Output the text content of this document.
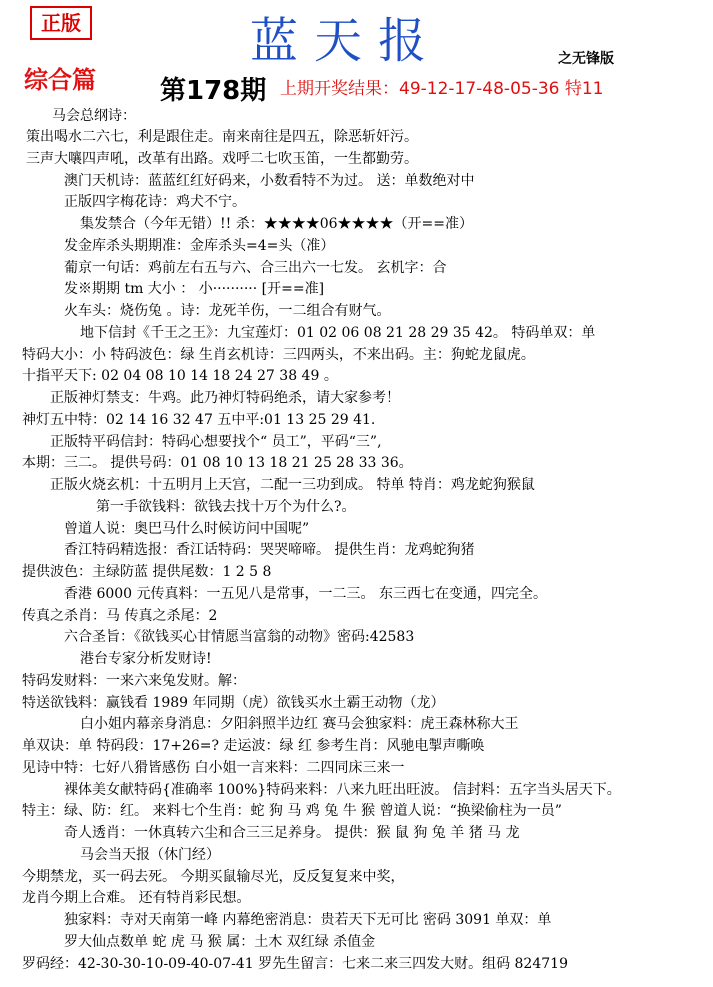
正版	蓝天报	之无锋版
综合篇 第178期 上期开奖结果：49-12-17-48-05-36 特11
马会总纲诗：
策出喝水二六七，利是跟住走。南来南往是四五，除恶斩奸污。
三声大嚷四声吼，改革有出路。戏呼二七吹玉笛，一生都勤劳。
澳门天机诗：蓝蓝红红好码来，小数看特不为过。 送：单数绝对中
正版四字梅花诗：鸡犬不宁。
集发禁合（今年无错）!! 杀：★★★★06★★★★（开==准）
发金库杀头期期准：金库杀头=4=头（准）
葡京一句话：鸡前左右五与六、合三出六一七发。 玄机字：合
发※期期 tm 大小 ： 小·········· [开==准]
火车头：烧伤兔 。诗：龙死羊伤，一二组合有财气。
地下信封《千王之王》：九宝莲灯：01 02 06 08 21 28 29 35 42。 特码单双：单
特码大小：小 特码波色：绿 生肖玄机诗：三四两头，不来出码。主：狗蛇龙鼠虎。
十指平天下: 02 04 08 10 14 18 24 27 38 49 。
正版神灯禁支：牛鸡。此乃神灯特码绝杀，请大家参考！
神灯五中特：02 14 16 32 47 五中平:01 13 25 29 41.
正版特平码信封：特码心想要找个“ 员工”，平码“三”,
本期：三二。 提供号码：01 08 10 13 18 21 25 28 33 36。
正版火烧玄机：十五明月上天宫，二配一三功到成。 特单 特肖：鸡龙蛇狗猴鼠
第一手欲钱料：欲钱去找十万个为什么?。
曾道人说：奥巴马什么时候访问中国呢”
香江特码精选报：香江话特码：哭哭啼啼。 提供生肖：龙鸡蛇狗猪
提供波色：主绿防蓝 提供尾数：1 2 5 8
香港 6000 元传真料：一五见八是常事，一二三。 东三西七在变通，四完全。
传真之杀肖：马 传真之杀尾：2
六合圣旨：《欲钱买心甘情愿当富翁的动物》密码:42583
港台专家分析发财诗!
特码发财料：一来六来兔发财。解：
特送欲钱料：赢钱看 1989 年同期（虎）欲钱买水土霸王动物（龙）
白小姐内幕亲身消息：夕阳斜照半边红 赛马会独家料：虎王森林称大王
单双诀：单 特码段：17+26=? 走运波：绿 红 参考生肖：风驰电掣声嘶唤
见诗中特：七好八猾皆感伤 白小姐一言来料：二四同床三来一
裸体美女献特码{准确率 100%}特码来料：八来九旺出旺波。 信封料：五字当头居天下。
特主：绿、防：红。 来料七个生肖：蛇 狗 马 鸡 兔 牛 猴 曾道人说：“换梁偷柱为一员”
奇人透肖：一休真转六尘和合三三足养身。 提供：猴 鼠 狗 兔 羊 猪 马 龙
马会当天报（休门经）
今期禁龙，买一码去死。 今期买鼠输尽光，反反复复来中奖，
龙肖今期上合难。 还有特肖彩民想。
独家料：寺对天南第一峰 内幕绝密消息：贵若天下无可比 密码 3091 单双：单
罗大仙点数单 蛇 虎 马 猴 属：土木 双红绿 杀值金
罗码经：42-30-30-10-09-40-07-41 罗先生留言：七来二来三四发大财。组码 824719
